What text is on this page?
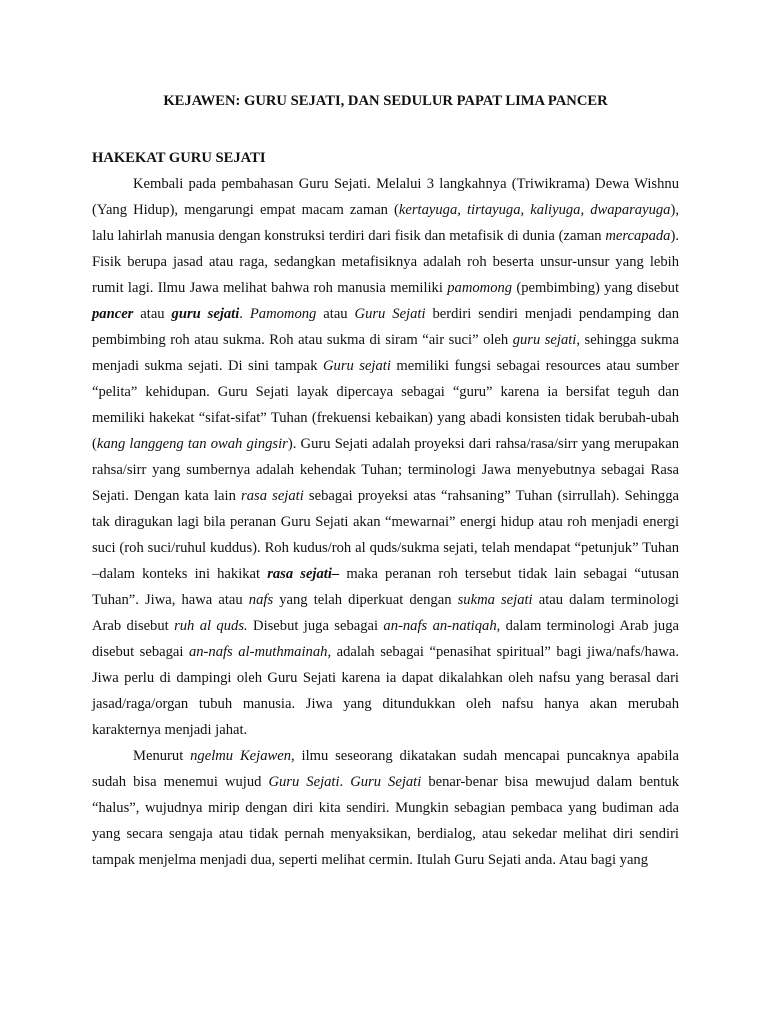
KEJAWEN: GURU SEJATI, DAN SEDULUR PAPAT LIMA PANCER
HAKEKAT GURU SEJATI

Kembali pada pembahasan Guru Sejati. Melalui 3 langkahnya (Triwikrama) Dewa Wishnu (Yang Hidup), mengarungi empat macam zaman (kertayuga, tirtayuga, kaliyuga, dwaparayuga), lalu lahirlah manusia dengan konstruksi terdiri dari fisik dan metafisik di dunia (zaman mercapada). Fisik berupa jasad atau raga, sedangkan metafisiknya adalah roh beserta unsur-unsur yang lebih rumit lagi. Ilmu Jawa melihat bahwa roh manusia memiliki pamomong (pembimbing) yang disebut pancer atau guru sejati. Pamomong atau Guru Sejati berdiri sendiri menjadi pendamping dan pembimbing roh atau sukma. Roh atau sukma di siram “air suci” oleh guru sejati, sehingga sukma menjadi sukma sejati. Di sini tampak Guru sejati memiliki fungsi sebagai resources atau sumber “pelita” kehidupan. Guru Sejati layak dipercaya sebagai “guru” karena ia bersifat teguh dan memiliki hakekat “sifat-sifat” Tuhan (frekuensi kebaikan) yang abadi konsisten tidak berubah-ubah (kang langgeng tan owah gingsir). Guru Sejati adalah proyeksi dari rahsa/rasa/sirr yang merupakan rahsa/sirr yang sumbernya adalah kehendak Tuhan; terminologi Jawa menyebutnya sebagai Rasa Sejati. Dengan kata lain rasa sejati sebagai proyeksi atas “rahsaning” Tuhan (sirrullah). Sehingga tak diragukan lagi bila peranan Guru Sejati akan “mewarnai” energi hidup atau roh menjadi energi suci (roh suci/ruhul kuddus). Roh kudus/roh al quds/sukma sejati, telah mendapat “petunjuk” Tuhan –dalam konteks ini hakikat rasa sejati– maka peranan roh tersebut tidak lain sebagai “utusan Tuhan”. Jiwa, hawa atau nafs yang telah diperkuat dengan sukma sejati atau dalam terminologi Arab disebut ruh al quds. Disebut juga sebagai an-nafs an-natiqah, dalam terminologi Arab juga disebut sebagai an-nafs al-muthmainah, adalah sebagai “penasihat spiritual” bagi jiwa/nafs/hawa. Jiwa perlu di dampingi oleh Guru Sejati karena ia dapat dikalahkan oleh nafsu yang berasal dari jasad/raga/organ tubuh manusia. Jiwa yang ditundukkan oleh nafsu hanya akan merubah karakternya menjadi jahat.

Menurut ngelmu Kejawen, ilmu seseorang dikatakan sudah mencapai puncaknya apabila sudah bisa menemui wujud Guru Sejati. Guru Sejati benar-benar bisa mewujud dalam bentuk “halus”, wujudnya mirip dengan diri kita sendiri. Mungkin sebagian pembaca yang budiman ada yang secara sengaja atau tidak pernah menyaksikan, berdialog, atau sekedar melihat diri sendiri tampak menjelma menjadi dua, seperti melihat cermin. Itulah Guru Sejati anda. Atau bagi yang
